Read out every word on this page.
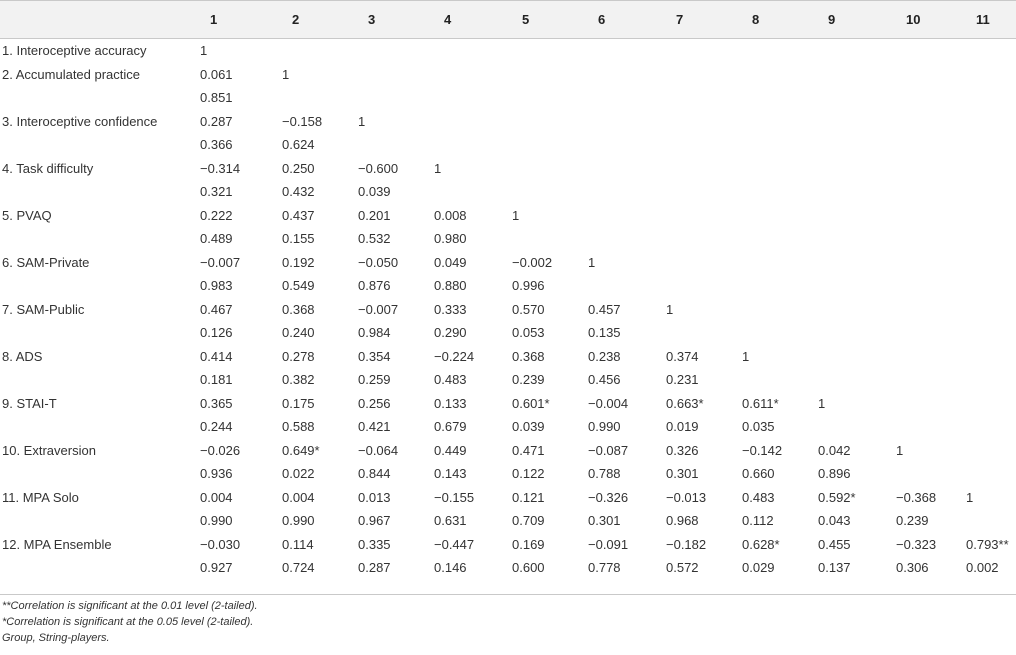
	1	2	3	4	5	6	7	8	9	10	11
1. Interoceptive accuracy	1										
2. Accumulated practice	0.061	1									
	0.851										
3. Interoceptive confidence	0.287	−0.158	1								
	0.366	0.624									
4. Task difficulty	−0.314	0.250	−0.600	1							
	0.321	0.432	0.039								
5. PVAQ	0.222	0.437	0.201	0.008	1						
	0.489	0.155	0.532	0.980							
6. SAM-Private	−0.007	0.192	−0.050	0.049	−0.002	1					
	0.983	0.549	0.876	0.880	0.996						
7. SAM-Public	0.467	0.368	−0.007	0.333	0.570	0.457	1				
	0.126	0.240	0.984	0.290	0.053	0.135					
8. ADS	0.414	0.278	0.354	−0.224	0.368	0.238	0.374	1			
	0.181	0.382	0.259	0.483	0.239	0.456	0.231				
9. STAI-T	0.365	0.175	0.256	0.133	0.601*	−0.004	0.663*	0.611*	1		
	0.244	0.588	0.421	0.679	0.039	0.990	0.019	0.035			
10. Extraversion	−0.026	0.649*	−0.064	0.449	0.471	−0.087	0.326	−0.142	0.042	1	
	0.936	0.022	0.844	0.143	0.122	0.788	0.301	0.660	0.896		
11. MPA Solo	0.004	0.004	0.013	−0.155	0.121	−0.326	−0.013	0.483	0.592*	−0.368	1
	0.990	0.990	0.967	0.631	0.709	0.301	0.968	0.112	0.043	0.239	
12. MPA Ensemble	−0.030	0.114	0.335	−0.447	0.169	−0.091	−0.182	0.628*	0.455	−0.323	0.793**
	0.927	0.724	0.287	0.146	0.600	0.778	0.572	0.029	0.137	0.306	0.002
**Correlation is significant at the 0.01 level (2-tailed).
*Correlation is significant at the 0.05 level (2-tailed).
Group, String-players.
